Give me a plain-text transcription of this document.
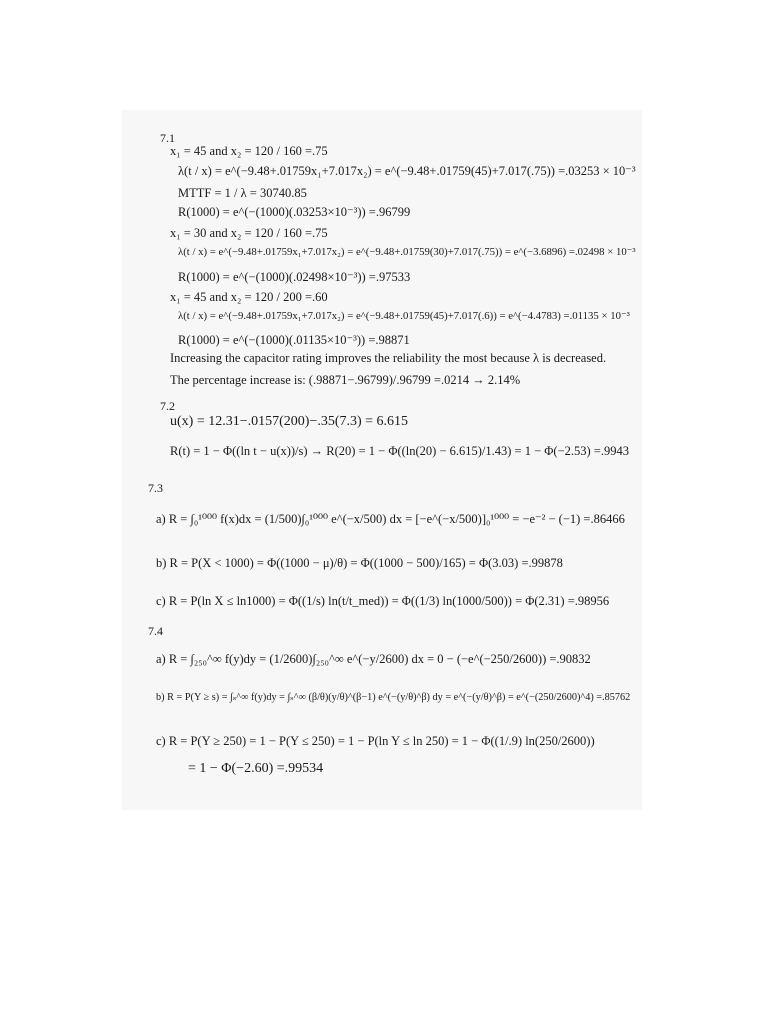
7.1
x₁ = 45 and x₂ = 120 / 160 =.75
λ(t / x) = e^(−9.48+.01759x₁+7.017x₂) = e^(−9.48+.01759(45)+7.017(.75)) =.03253 × 10⁻³
MTTF = 1 / λ = 30740.85
R(1000) = e^(−(1000)(.03253×10⁻³)) =.96799
x₁ = 30 and x₂ = 120 / 160 =.75
λ(t / x) = e^(−9.48+.01759x₁+7.017x₂) = e^(−9.48+.01759(30)+7.017(.75)) = e^(−3.6896) =.02498 × 10⁻³
R(1000) = e^(−(1000)(.02498×10⁻³)) =.97533
x₁ = 45 and x₂ = 120 / 200 =.60
λ(t / x) = e^(−9.48+.01759x₁+7.017x₂) = e^(−9.48+.01759(45)+7.017(.6)) = e^(−4.4783) =.01135 × 10⁻³
R(1000) = e^(−(1000)(.01135×10⁻³)) =.98871
Increasing the capacitor rating improves the reliability the most because λ is decreased.
The percentage increase is: (.98871−.96799)/.96799 =.0214 → 2.14%
7.2
u(x) = 12.31−.0157(200)−.35(7.3) = 6.615
R(t) = 1 − Φ((ln t − u(x))/s) → R(20) = 1 − Φ((ln(20) − 6.615)/1.43) = 1 − Φ(−2.53) =.9943
7.3
a) R = ∫₀¹⁰⁰⁰ f(x)dx = (1/500)∫₀¹⁰⁰⁰ e^(−x/500) dx = [−e^(−x/500)]₀¹⁰⁰⁰ = −e⁻² − (−1) =.86466
b) R = P(X < 1000) = Φ((1000 − μ)/θ) = Φ((1000 − 500)/165) = Φ(3.03) =.99878
c) R = P(ln X ≤ ln1000) = Φ((1/s) ln(t/t_med)) = Φ((1/3) ln(1000/500)) = Φ(2.31) =.98956
7.4
a) R = ∫₂₅₀^∞ f(y)dy = (1/2600)∫₂₅₀^∞ e^(−y/2600) dx = 0 − (−e^(−250/2600)) =.90832
b) R = P(Y ≥ s) = ∫ₛ^∞ f(y)dy = ∫ₛ^∞ (β/θ)(y/θ)^(β−1) e^(−(y/θ)^β) dy = e^(−(y/θ)^β) = e^(−(250/2600)^4) =.85762
c) R = P(Y ≥ 250) = 1 − P(Y ≤ 250) = 1 − P(ln Y ≤ ln 250) = 1 − Φ((1/.9) ln(250/2600))
= 1 − Φ(−2.60) =.99534
